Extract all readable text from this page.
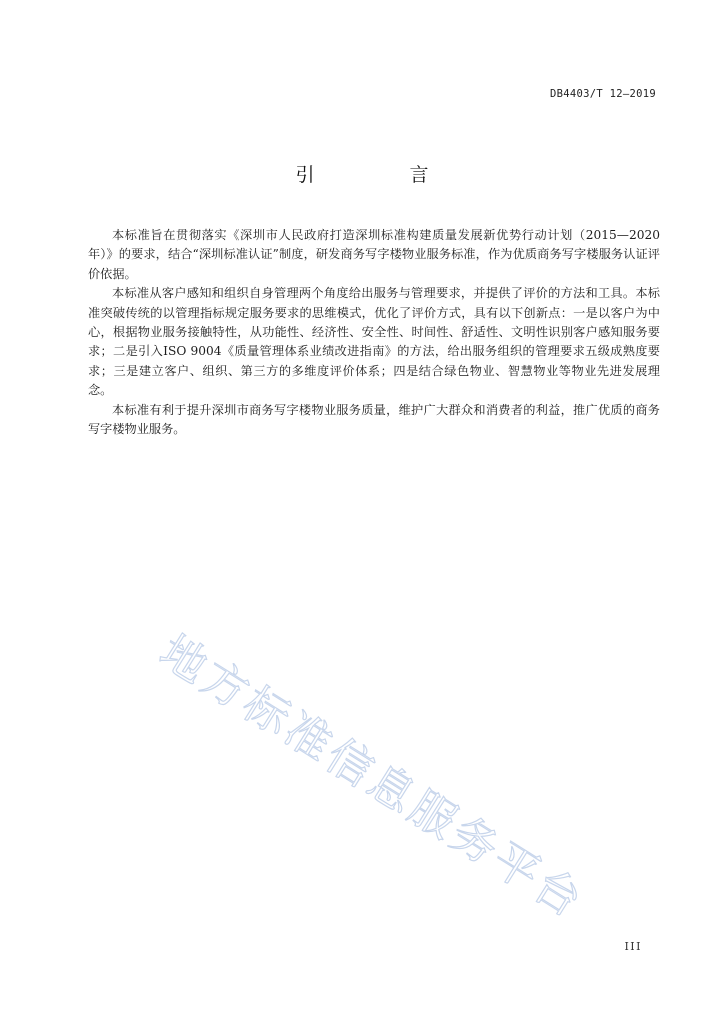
DB4403/T 12—2019
引　言

本标准旨在贯彻落实《深圳市人民政府打造深圳标准构建质量发展新优势行动计划（2015—2020年）》的要求，结合“深圳标准认证”制度，研发商务写字楼物业服务标准，作为优质商务写字楼服务认证评价依据。

本标准从客户感知和组织自身管理两个角度给出服务与管理要求，并提供了评价的方法和工具。本标准突破传统的以管理指标规定服务要求的思维模式，优化了评价方式，具有以下创新点：一是以客户为中心，根据物业服务接触特性，从功能性、经济性、安全性、时间性、舒适性、文明性识别客户感知服务要求；二是引入ISO 9004《质量管理体系业绩改进指南》的方法，给出服务组织的管理要求五级成熟度要求；三是建立客户、组织、第三方的多维度评价体系；四是结合绿色物业、智慧物业等物业先进发展理念。

本标准有利于提升深圳市商务写字楼物业服务质量，维护广大群众和消费者的利益，推广优质的商务写字楼物业服务。

地方标准信息服务平台
III
